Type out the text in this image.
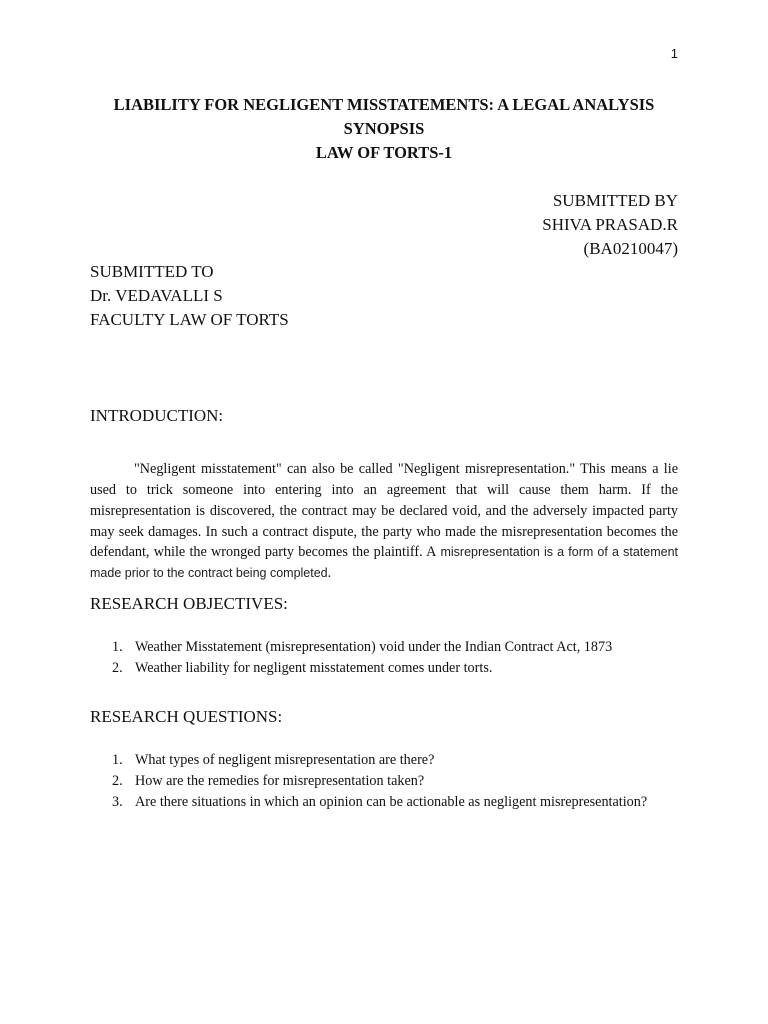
1
LIABILITY FOR NEGLIGENT MISSTATEMENTS: A LEGAL ANALYSIS
SYNOPSIS
LAW OF TORTS-1
SUBMITTED BY
SHIVA PRASAD.R
(BA0210047)
SUBMITTED TO
Dr. VEDAVALLI S
FACULTY LAW OF TORTS
INTRODUCTION:

"Negligent misstatement" can also be called "Negligent misrepresentation." This means a lie used to trick someone into entering into an agreement that will cause them harm. If the misrepresentation is discovered, the contract may be declared void, and the adversely impacted party may seek damages. In such a contract dispute, the party who made the misrepresentation becomes the defendant, while the wronged party becomes the plaintiff. A misrepresentation is a form of a statement made prior to the contract being completed.

RESEARCH OBJECTIVES:
1. Weather Misstatement (misrepresentation) void under the Indian Contract Act, 1873
2. Weather liability for negligent misstatement comes under torts.
RESEARCH QUESTIONS:
1. What types of negligent misrepresentation are there?
2. How are the remedies for misrepresentation taken?
3. Are there situations in which an opinion can be actionable as negligent misrepresentation?
